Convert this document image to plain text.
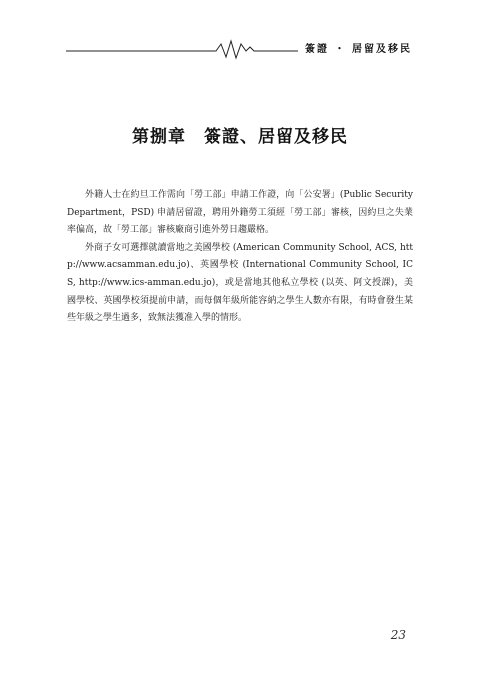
簽證 ・ 居留及移民
第捌章 簽證、居留及移民

外籍人士在約旦工作需向「勞工部」申請工作證，向「公安署」(Public Security Department，PSD) 申請居留證，聘用外籍勞工須經「勞工部」審核，因約旦之失業率偏高，故「勞工部」審核廠商引進外勞日趨嚴格。

外商子女可選擇就讀當地之美國學校 (American Community School, ACS, http://www.acsamman.edu.jo)、英國學校 (International Community School, ICS, http://www.ics-amman.edu.jo)，或是當地其他私立學校 (以英、阿文授課)，美國學校、英國學校須提前申請，而每個年級所能容納之學生人數亦有限，有時會發生某些年級之學生過多，致無法獲准入學的情形。

23
